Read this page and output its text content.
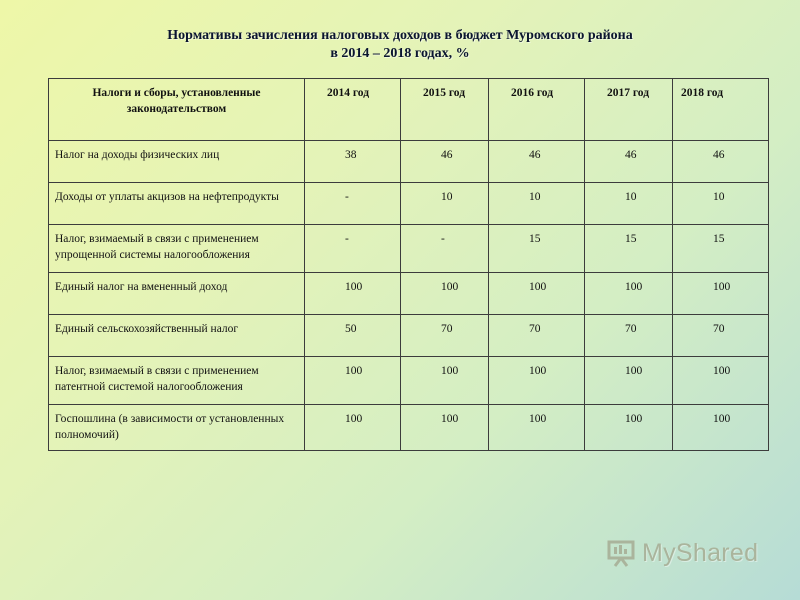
Нормативы зачисления налоговых доходов в бюджет Муромского района
в 2014 – 2018 годах, %
Налоги и сборы, установленные законодательством	2014 год	2015 год	2016 год	2017 год	2018 год
Налог на доходы физических лиц	38	46	46	46	46
Доходы от уплаты акцизов на нефтепродукты	-	10	10	10	10
Налог, взимаемый в связи с применением упрощенной системы налогообложения	-	-	15	15	15
Единый налог на вмененный доход	100	100	100	100	100
Единый сельскохозяйственный налог	50	70	70	70	70
Налог, взимаемый в связи с применением патентной системой налогообложения	100	100	100	100	100
Госпошлина (в зависимости от установленных полномочий)	100	100	100	100	100
MyShared
